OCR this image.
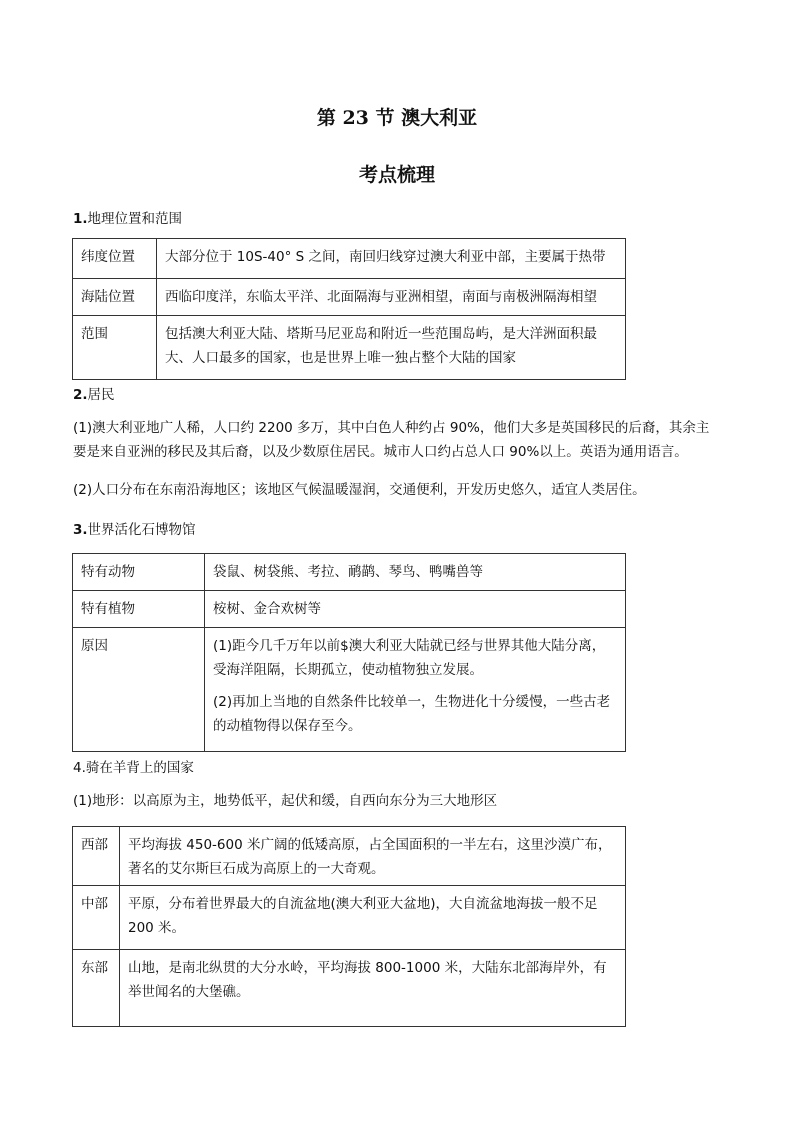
第 23 节 澳大利亚
考点梳理
1.地理位置和范围
纬度位置	大部分位于 10S-40° S 之间，南回归线穿过澳大利亚中部，主要属于热带
海陆位置	西临印度洋，东临太平洋、北面隔海与亚洲相望，南面与南极洲隔海相望
范围	包括澳大利亚大陆、塔斯马尼亚岛和附近一些范围岛屿，是大洋洲面积最大、人口最多的国家，也是世界上唯一独占整个大陆的国家
2.居民
(1)澳大利亚地广人稀，人口约 2200 多万，其中白色人种约占 90%，他们大多是英国移民的后裔，其余主要是来自亚洲的移民及其后裔，以及少数原住居民。城市人口约占总人口 90%以上。英语为通用语言。
(2)人口分布在东南沿海地区；该地区气候温暖湿润，交通便利，开发历史悠久，适宜人类居住。
3.世界活化石博物馆
特有动物	袋鼠、树袋熊、考拉、鸸鹋、琴鸟、鸭嘴兽等
特有植物	桉树、金合欢树等
原因	(1)距今几千万年以前$澳大利亚大陆就已经与世界其他大陆分离，受海洋阻隔，长期孤立，使动植物独立发展。

(2)再加上当地的自然条件比较单一，生物进化十分缓慢，一些古老的动植物得以保存至今。

4.骑在羊背上的国家
(1)地形：以高原为主，地势低平，起伏和缓，自西向东分为三大地形区
西部	平均海拔 450-600 米广阔的低矮高原，占全国面积的一半左右，这里沙漠广布，著名的艾尔斯巨石成为高原上的一大奇观。
中部	平原，分布着世界最大的自流盆地(澳大利亚大盆地)，大自流盆地海拔一般不足 200 米。
东部	山地，是南北纵贯的大分水岭，平均海拔 800-1000 米，大陆东北部海岸外，有举世闻名的大堡礁。
